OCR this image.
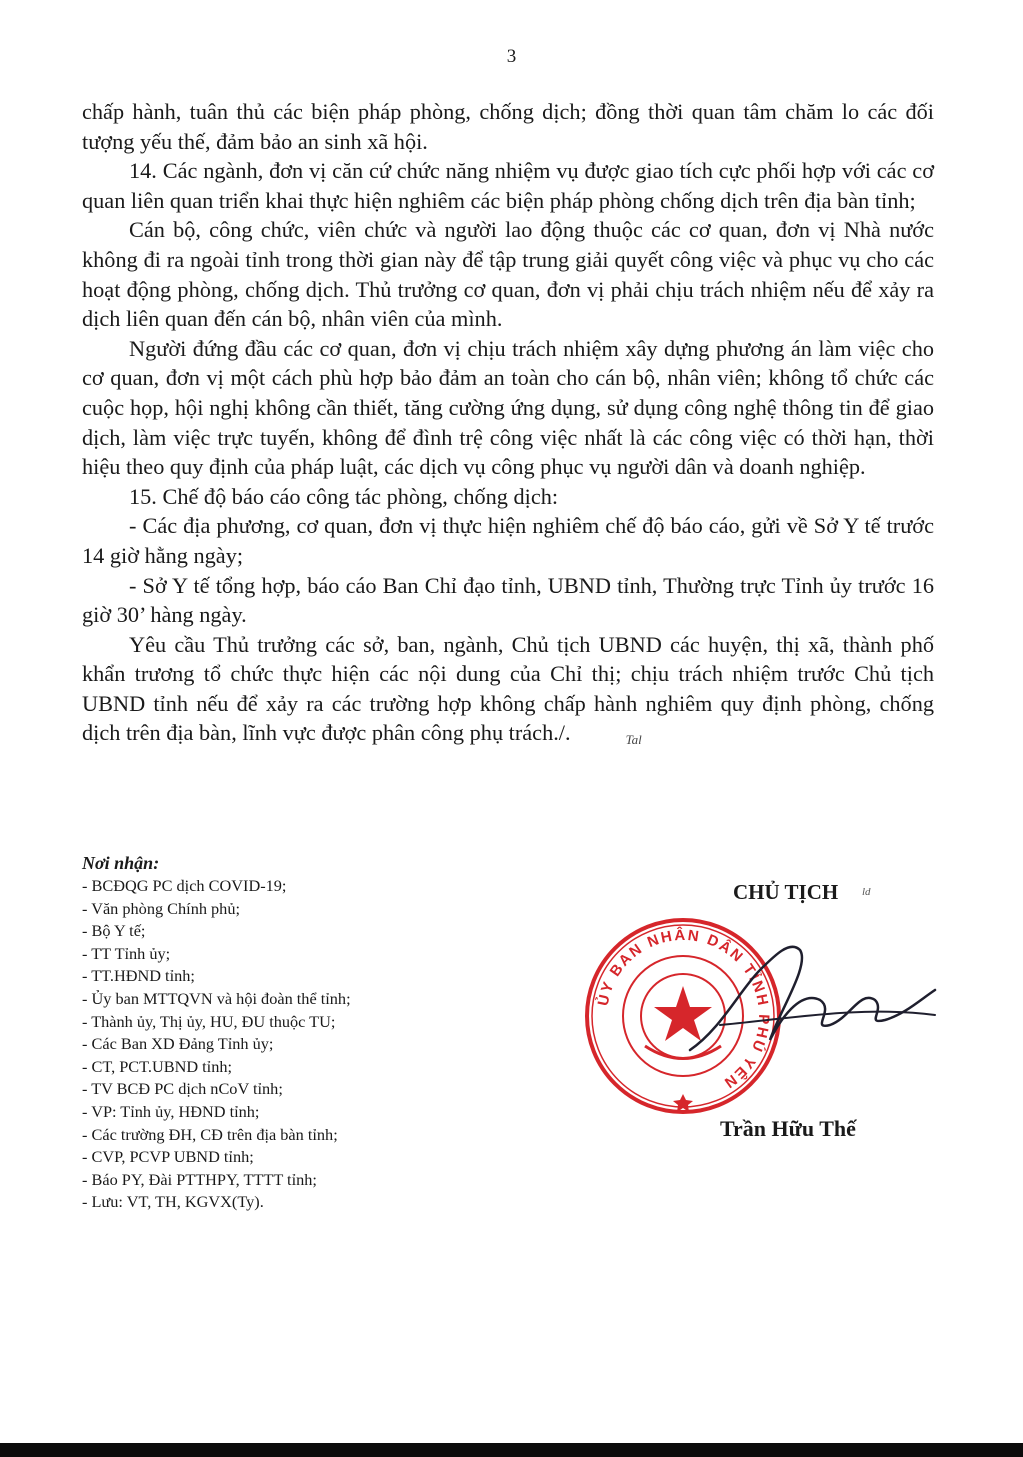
3

chấp hành, tuân thủ các biện pháp phòng, chống dịch; đồng thời quan tâm chăm lo các đối tượng yếu thế, đảm bảo an sinh xã hội.

14. Các ngành, đơn vị căn cứ chức năng nhiệm vụ được giao tích cực phối hợp với các cơ quan liên quan triển khai thực hiện nghiêm các biện pháp phòng chống dịch trên địa bàn tỉnh;

Cán bộ, công chức, viên chức và người lao động thuộc các cơ quan, đơn vị Nhà nước không đi ra ngoài tỉnh trong thời gian này để tập trung giải quyết công việc và phục vụ cho các hoạt động phòng, chống dịch. Thủ trưởng cơ quan, đơn vị phải chịu trách nhiệm nếu để xảy ra dịch liên quan đến cán bộ, nhân viên của mình.

Người đứng đầu các cơ quan, đơn vị chịu trách nhiệm xây dựng phương án làm việc cho cơ quan, đơn vị một cách phù hợp bảo đảm an toàn cho cán bộ, nhân viên; không tổ chức các cuộc họp, hội nghị không cần thiết, tăng cường ứng dụng, sử dụng công nghệ thông tin để giao dịch, làm việc trực tuyến, không để đình trệ công việc nhất là các công việc có thời hạn, thời hiệu theo quy định của pháp luật, các dịch vụ công phục vụ người dân và doanh nghiệp.

15. Chế độ báo cáo công tác phòng, chống dịch:

- Các địa phương, cơ quan, đơn vị thực hiện nghiêm chế độ báo cáo, gửi về Sở Y tế trước 14 giờ hằng ngày;

- Sở Y tế tổng hợp, báo cáo Ban Chỉ đạo tỉnh, UBND tỉnh, Thường trực Tỉnh ủy trước 16 giờ 30’ hàng ngày.

Yêu cầu Thủ trưởng các sở, ban, ngành, Chủ tịch UBND các huyện, thị xã, thành phố khẩn trương tổ chức thực hiện các nội dung của Chỉ thị; chịu trách nhiệm trước Chủ tịch UBND tỉnh nếu để xảy ra các trường hợp không chấp hành nghiêm quy định phòng, chống dịch trên địa bàn, lĩnh vực được phân công phụ trách./.	Tal

Nơi nhận:
- BCĐQG PC dịch COVID-19;
- Văn phòng Chính phủ;
- Bộ Y tế;
- TT Tỉnh ủy;
- TT.HĐND tỉnh;
- Ủy ban MTTQVN và hội đoàn thể tỉnh;
- Thành ủy, Thị ủy, HU, ĐU thuộc TU;
- Các Ban XD Đảng Tỉnh ủy;
- CT, PCT.UBND tỉnh;
- TV BCĐ PC dịch nCoV tỉnh;
- VP: Tỉnh ủy, HĐND tỉnh;
- Các trường ĐH, CĐ trên địa bàn tỉnh;
- CVP, PCVP UBND tỉnh;
- Báo PY, Đài PTTHPY, TTTT tỉnh;
- Lưu: VT, TH, KGVX(Ty).
CHỦ TỊCH ld
ỦY BAN NHÂN DÂN TỈNH PHÚ YÊN
Trần Hữu Thế
